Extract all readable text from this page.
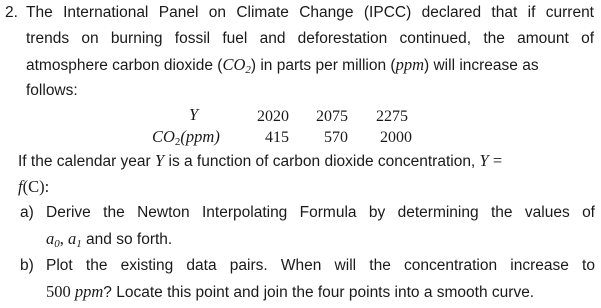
2. The International Panel on Climate Change (IPCC) declared that if current
trends on burning fossil fuel and deforestation continued, the amount of
atmosphere carbon dioxide $(CO_2)$ in parts per million (ppm) will increase as
follows:
Y	2020 2075 2275
$CO_2(ppm)$	415 570 2000
If the calendar year Y is a function of carbon dioxide concentration, Y =
f(C):
a) Derive the Newton Interpolating Formula by determining the values of
$a_0$, $a_1$ and so forth.
b) Plot the existing data pairs. When will the concentration increase to
500 ppm? Locate this point and join the four points into a smooth curve.
